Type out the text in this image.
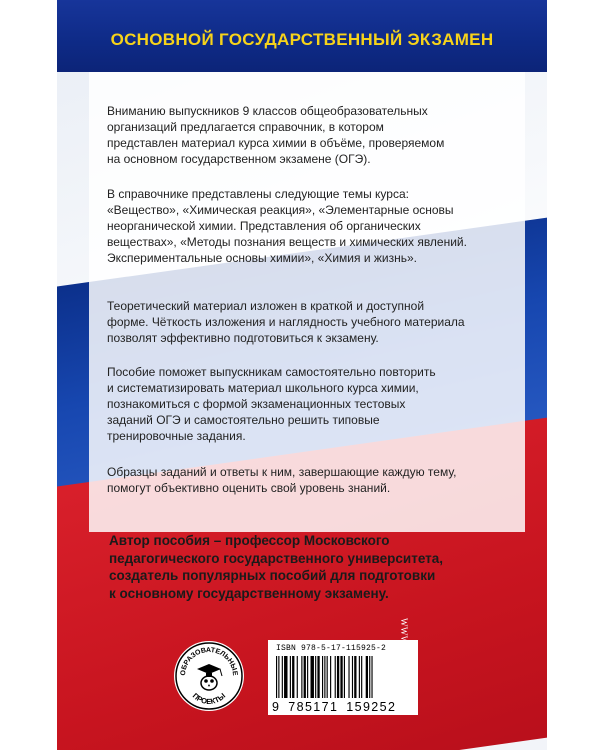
ОСНОВНОЙ ГОСУДАРСТВЕННЫЙ ЭКЗАМЕН

Вниманию выпускников 9 классов общеобразовательных
организаций предлагается справочник, в котором
представлен материал курса химии в объёме, проверяемом
на основном государственном экзамене (ОГЭ).

В справочнике представлены следующие темы курса:
«Вещество», «Химическая реакция», «Элементарные основы
неорганической химии. Представления об органических
веществах», «Методы познания веществ и химических явлений.
Экспериментальные основы химии», «Химия и жизнь».

Теоретический материал изложен в краткой и доступной
форме. Чёткость изложения и наглядность учебного материала
позволят эффективно подготовиться к экзамену.

Пособие поможет выпускникам самостоятельно повторить
и систематизировать материал школьного курса химии,
познакомиться с формой экзаменационных тестовых
заданий ОГЭ и самостоятельно решить типовые
тренировочные задания.

Образцы заданий и ответы к ним, завершающие каждую тему,
помогут объективно оценить свой уровень знаний.

Автор пособия – профессор Московского
педагогического государственного университета,
создатель популярных пособий для подготовки
к основному государственному экзамену.
ОБРАЗОВАТЕЛЬНЫЕ
ПРОЕКТЫ
ISBN 978-5-17-115925-2
9 785171 159252
WWW.AST.RU
